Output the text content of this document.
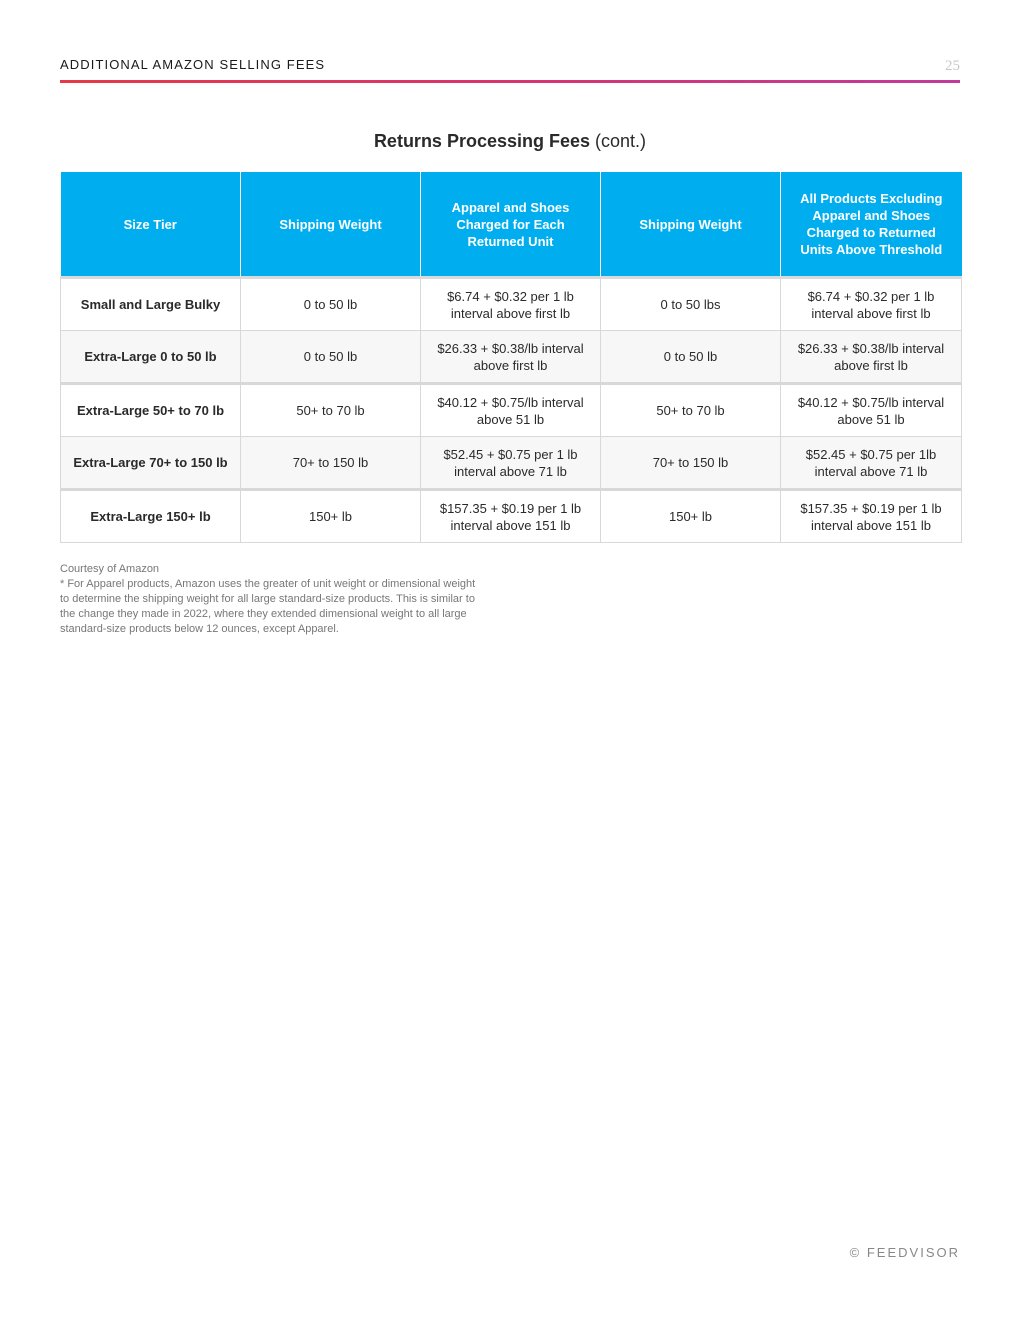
ADDITIONAL AMAZON SELLING FEES	25
Returns Processing Fees (cont.)
Size Tier	Shipping Weight	Apparel and Shoes Charged for Each Returned Unit	Shipping Weight	All Products Excluding Apparel and Shoes Charged to Returned Units Above Threshold
Small and Large Bulky	0 to 50 lb	$6.74 + $0.32 per 1 lb interval above first lb	0 to 50 lbs	$6.74 + $0.32 per 1 lb interval above first lb
Extra-Large 0 to 50 lb	0 to 50 lb	$26.33 + $0.38/lb interval above first lb	0 to 50 lb	$26.33 + $0.38/lb interval above first lb
Extra-Large 50+ to 70 lb	50+ to 70 lb	$40.12 + $0.75/lb interval above 51 lb	50+ to 70 lb	$40.12 + $0.75/lb interval above 51 lb
Extra-Large 70+ to 150 lb	70+ to 150 lb	$52.45 + $0.75 per 1 lb interval above 71 lb	70+ to 150 lb	$52.45 + $0.75 per 1lb interval above 71 lb
Extra-Large 150+ lb	150+ lb	$157.35 + $0.19 per 1 lb interval above 151 lb	150+ lb	$157.35 + $0.19 per 1 lb interval above 151 lb

Courtesy of Amazon

* For Apparel products, Amazon uses the greater of unit weight or dimensional weight to determine the shipping weight for all large standard-size products. This is similar to the change they made in 2022, where they extended dimensional weight to all large standard-size products below 12 ounces, except Apparel.

© FEEDVISOR
